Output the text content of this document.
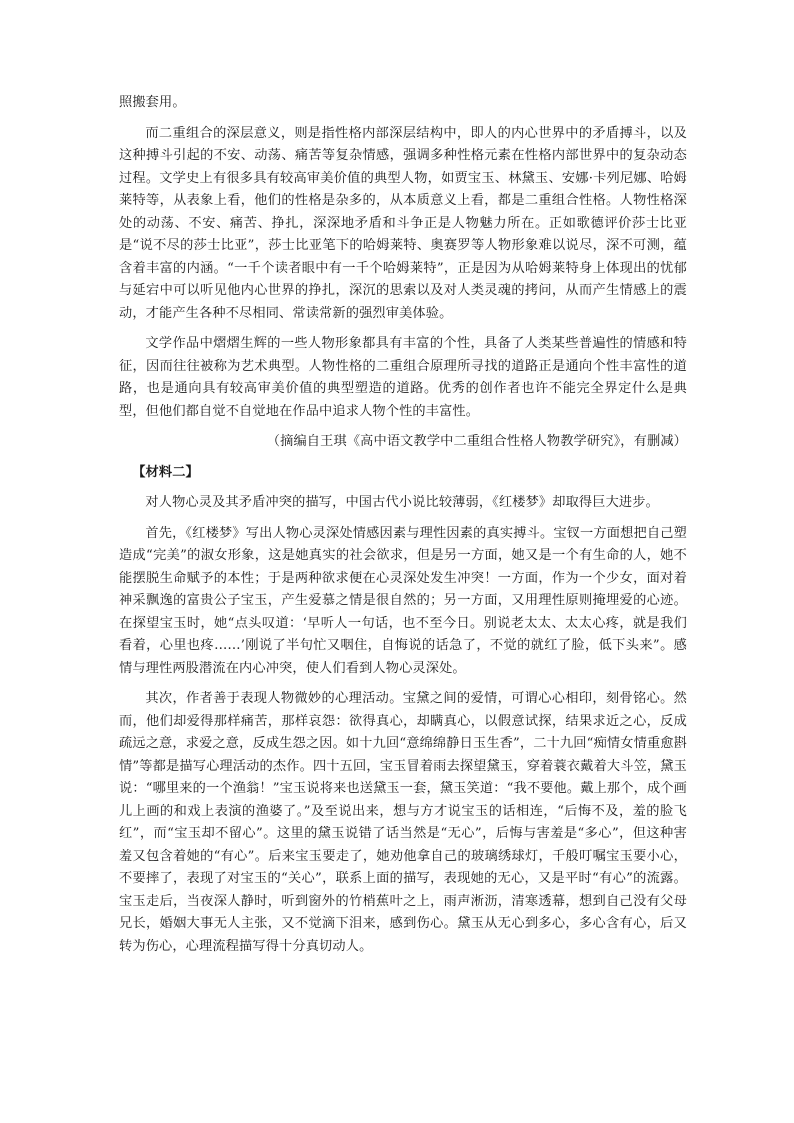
照搬套用。

而二重组合的深层意义，则是指性格内部深层结构中，即人的内心世界中的矛盾搏斗，以及这种搏斗引起的不安、动荡、痛苦等复杂情感，强调多种性格元素在性格内部世界中的复杂动态过程。文学史上有很多具有较高审美价值的典型人物，如贾宝玉、林黛玉、安娜·卡列尼娜、哈姆莱特等，从表象上看，他们的性格是杂多的，从本质意义上看，都是二重组合性格。人物性格深处的动荡、不安、痛苦、挣扎，深深地矛盾和斗争正是人物魅力所在。正如歌德评价莎士比亚是“说不尽的莎士比亚”，莎士比亚笔下的哈姆莱特、奥赛罗等人物形象难以说尽，深不可测，蕴含着丰富的内涵。“一千个读者眼中有一千个哈姆莱特”，正是因为从哈姆莱特身上体现出的忧郁与延宕中可以听见他内心世界的挣扎，深沉的思索以及对人类灵魂的拷问，从而产生情感上的震动，才能产生各种不尽相同、常读常新的强烈审美体验。

文学作品中熠熠生辉的一些人物形象都具有丰富的个性，具备了人类某些普遍性的情感和特征，因而往往被称为艺术典型。人物性格的二重组合原理所寻找的道路正是通向个性丰富性的道路，也是通向具有较高审美价值的典型塑造的道路。优秀的创作者也许不能完全界定什么是典型，但他们都自觉不自觉地在作品中追求人物个性的丰富性。

（摘编自王琪《高中语文教学中二重组合性格人物教学研究》，有删减）

【材料二】

对人物心灵及其矛盾冲突的描写，中国古代小说比较薄弱，《红楼梦》却取得巨大进步。

首先，《红楼梦》写出人物心灵深处情感因素与理性因素的真实搏斗。宝钗一方面想把自己塑造成“完美”的淑女形象，这是她真实的社会欲求，但是另一方面，她又是一个有生命的人，她不能摆脱生命赋予的本性；于是两种欲求便在心灵深处发生冲突！一方面，作为一个少女，面对着神采飘逸的富贵公子宝玉，产生爱慕之情是很自然的；另一方面，又用理性原则掩埋爱的心迹。在探望宝玉时，她“点头叹道：‘早听人一句话，也不至今日。别说老太太、太太心疼，就是我们看着，心里也疼……’刚说了半句忙又咽住，自悔说的话急了，不觉的就红了脸，低下头来”。感情与理性两股潜流在内心冲突，使人们看到人物心灵深处。

其次，作者善于表现人物微妙的心理活动。宝黛之间的爱情，可谓心心相印，刻骨铭心。然而，他们却爱得那样痛苦，那样哀怨：欲得真心，却瞒真心，以假意试探，结果求近之心，反成疏远之意，求爱之意，反成生怨之因。如十九回“意绵绵静日玉生香”，二十九回“痴情女情重愈斟情”等都是描写心理活动的杰作。四十五回，宝玉冒着雨去探望黛玉，穿着蓑衣戴着大斗笠，黛玉说：“哪里来的一个渔翁！”宝玉说将来也送黛玉一套，黛玉笑道：“我不要他。戴上那个，成个画儿上画的和戏上表演的渔婆了。”及至说出来，想与方才说宝玉的话相连，“后悔不及，羞的脸飞红”，而“宝玉却不留心”。这里的黛玉说错了话当然是“无心”，后悔与害羞是“多心”，但这种害羞又包含着她的“有心”。后来宝玉要走了，她劝他拿自己的玻璃绣球灯，千般叮嘱宝玉要小心，不要摔了，表现了对宝玉的“关心”，联系上面的描写，表现她的无心，又是平时“有心”的流露。宝玉走后，当夜深人静时，听到窗外的竹梢蕉叶之上，雨声淅沥，清寒透幕，想到自己没有父母兄长，婚姻大事无人主张，又不觉滴下泪来，感到伤心。黛玉从无心到多心，多心含有心，后又转为伤心，心理流程描写得十分真切动人。
